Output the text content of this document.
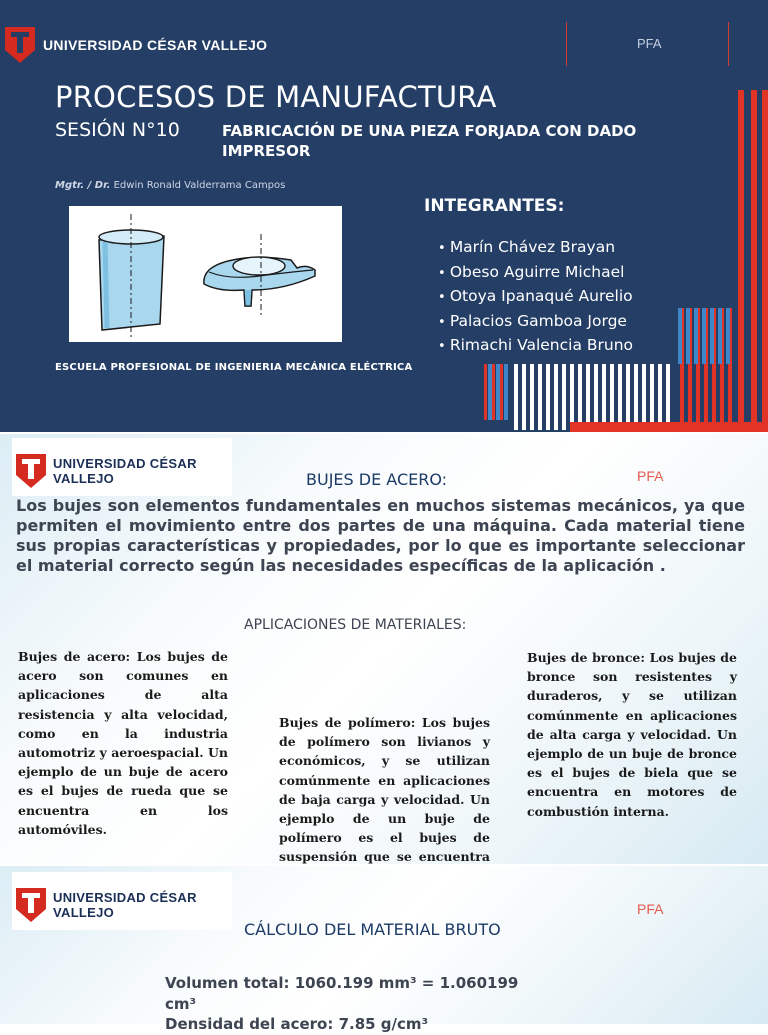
UNIVERSIDAD CÉSAR VALLEJO	PFA
PROCESOS DE MANUFACTURA
SESIÓN N°10	FABRICACIÓN DE UNA PIEZA FORJADA CON DADO IMPRESOR
Mgtr. / Dr. Edwin Ronald Valderrama Campos
INTEGRANTES:
• Marín Chávez Brayan
• Obeso Aguirre Michael
• Otoya Ipanaqué Aurelio
• Palacios Gamboa Jorge
• Rimachi Valencia Bruno
ESCUELA PROFESIONAL DE INGENIERIA MECÁNICA ELÉCTRICA
UNIVERSIDAD CÉSAR VALLEJO	BUJES DE ACERO:	PFA
Los bujes son elementos fundamentales en muchos sistemas mecánicos, ya que permiten el movimiento entre dos partes de una máquina. Cada material tiene sus propias características y propiedades, por lo que es importante seleccionar el material correcto según las necesidades específicas de la aplicación .
APLICACIONES DE MATERIALES:
Bujes de acero: Los bujes de acero son comunes en aplicaciones de alta resistencia y alta velocidad, como en la industria automotriz y aeroespacial. Un ejemplo de un buje de acero es el bujes de rueda que se encuentra en los automóviles.
Bujes de polímero: Los bujes de polímero son livianos y económicos, y se utilizan comúnmente en aplicaciones de baja carga y velocidad. Un ejemplo de un buje de polímero es el bujes de suspensión que se encuentra
Bujes de bronce: Los bujes de bronce son resistentes y duraderos, y se utilizan comúnmente en aplicaciones de alta carga y velocidad. Un ejemplo de un buje de bronce es el bujes de biela que se encuentra en motores de combustión interna.
UNIVERSIDAD CÉSAR VALLEJO	PFA
CÁLCULO DEL MATERIAL BRUTO
Volumen total: 1060.199 mm³ = 1.060199 cm³
Densidad del acero: 7.85 g/cm³
